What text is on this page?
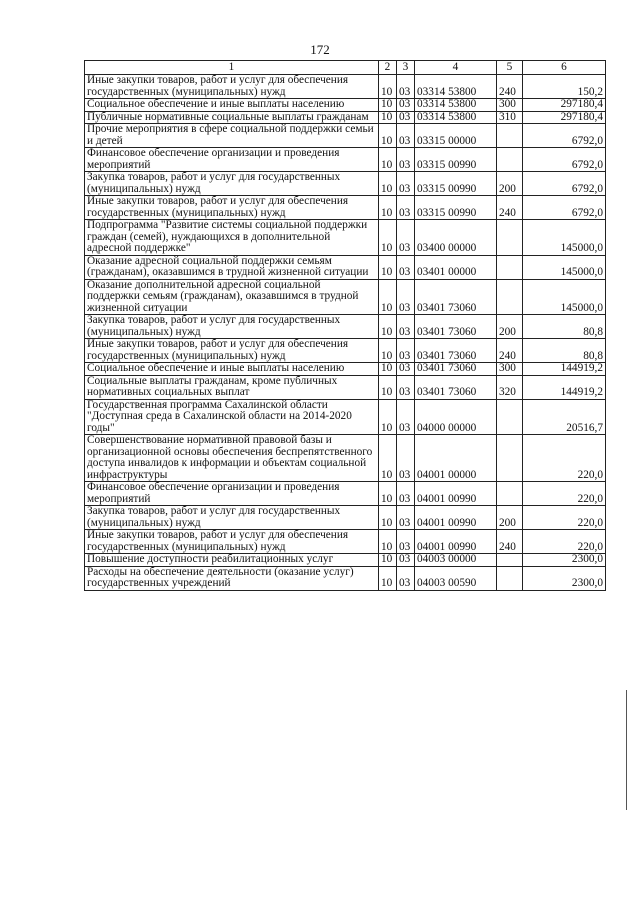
172
1	2	3	4	5	6
Иные закупки товаров, работ и услуг для обеспечения государственных (муниципальных) нужд	10	03	03314 53800	240	150,2
Социальное обеспечение и иные выплаты населению	10	03	03314 53800	300	297180,4
Публичные нормативные социальные выплаты гражданам	10	03	03314 53800	310	297180,4
Прочие мероприятия в сфере социальной поддержки семьи и детей	10	03	03315 00000		6792,0
Финансовое обеспечение организации и проведения мероприятий	10	03	03315 00990		6792,0
Закупка товаров, работ и услуг для государственных (муниципальных) нужд	10	03	03315 00990	200	6792,0
Иные закупки товаров, работ и услуг для обеспечения государственных (муниципальных) нужд	10	03	03315 00990	240	6792,0
Подпрограмма "Развитие системы социальной поддержки граждан (семей), нуждающихся в дополнительной адресной поддержке"	10	03	03400 00000		145000,0
Оказание адресной социальной поддержки семьям (гражданам), оказавшимся в трудной жизненной ситуации	10	03	03401 00000		145000,0
Оказание дополнительной адресной социальной поддержки семьям (гражданам), оказавшимся в трудной жизненной ситуации	10	03	03401 73060		145000,0
Закупка товаров, работ и услуг для государственных (муниципальных) нужд	10	03	03401 73060	200	80,8
Иные закупки товаров, работ и услуг для обеспечения государственных (муниципальных) нужд	10	03	03401 73060	240	80,8
Социальное обеспечение и иные выплаты населению	10	03	03401 73060	300	144919,2
Социальные выплаты гражданам, кроме публичных нормативных социальных выплат	10	03	03401 73060	320	144919,2
Государственная программа Сахалинской области "Доступная среда в Сахалинской области на 2014-2020 годы"	10	03	04000 00000		20516,7
Совершенствование нормативной правовой базы и организационной основы обеспечения беспрепятственного доступа инвалидов к информации и объектам социальной инфраструктуры	10	03	04001 00000		220,0
Финансовое обеспечение организации и проведения мероприятий	10	03	04001 00990		220,0
Закупка товаров, работ и услуг для государственных (муниципальных) нужд	10	03	04001 00990	200	220,0
Иные закупки товаров, работ и услуг для обеспечения государственных (муниципальных) нужд	10	03	04001 00990	240	220,0
Повышение доступности реабилитационных услуг	10	03	04003 00000		2300,0
Расходы на обеспечение деятельности (оказание услуг) государственных учреждений	10	03	04003 00590		2300,0
